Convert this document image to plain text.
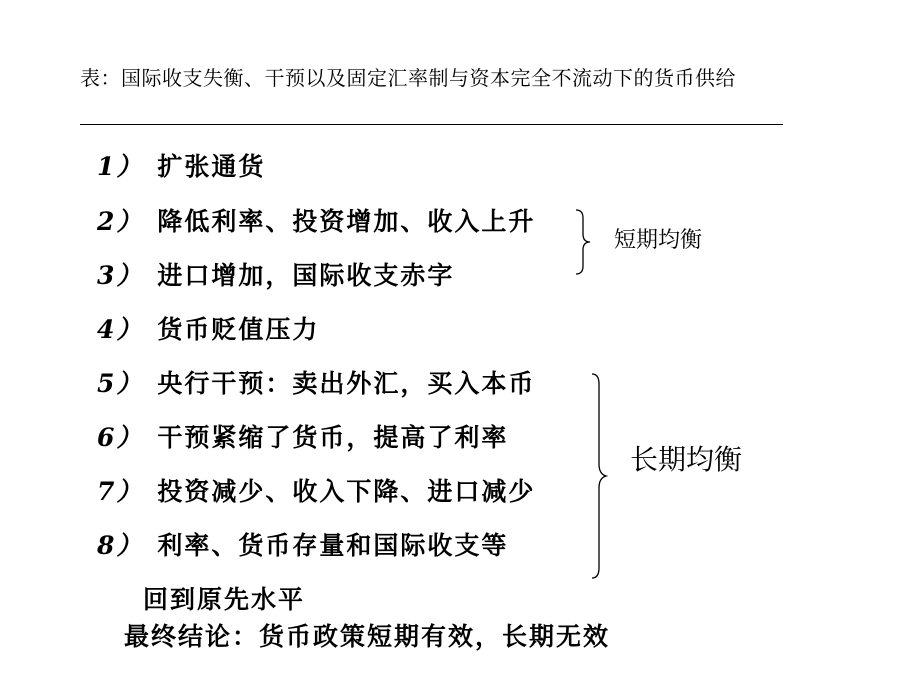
表：国际收支失衡、干预以及固定汇率制与资本完全不流动下的货币供给
1） 扩张通货
2） 降低利率、投资增加、收入上升
3） 进口增加，国际收支赤字
4） 货币贬值压力
5） 央行干预：卖出外汇，买入本币
6） 干预紧缩了货币，提高了利率
7） 投资减少、收入下降、进口减少
8） 利率、货币存量和国际收支等
回到原先水平
最终结论：货币政策短期有效，长期无效
短期均衡
长期均衡
